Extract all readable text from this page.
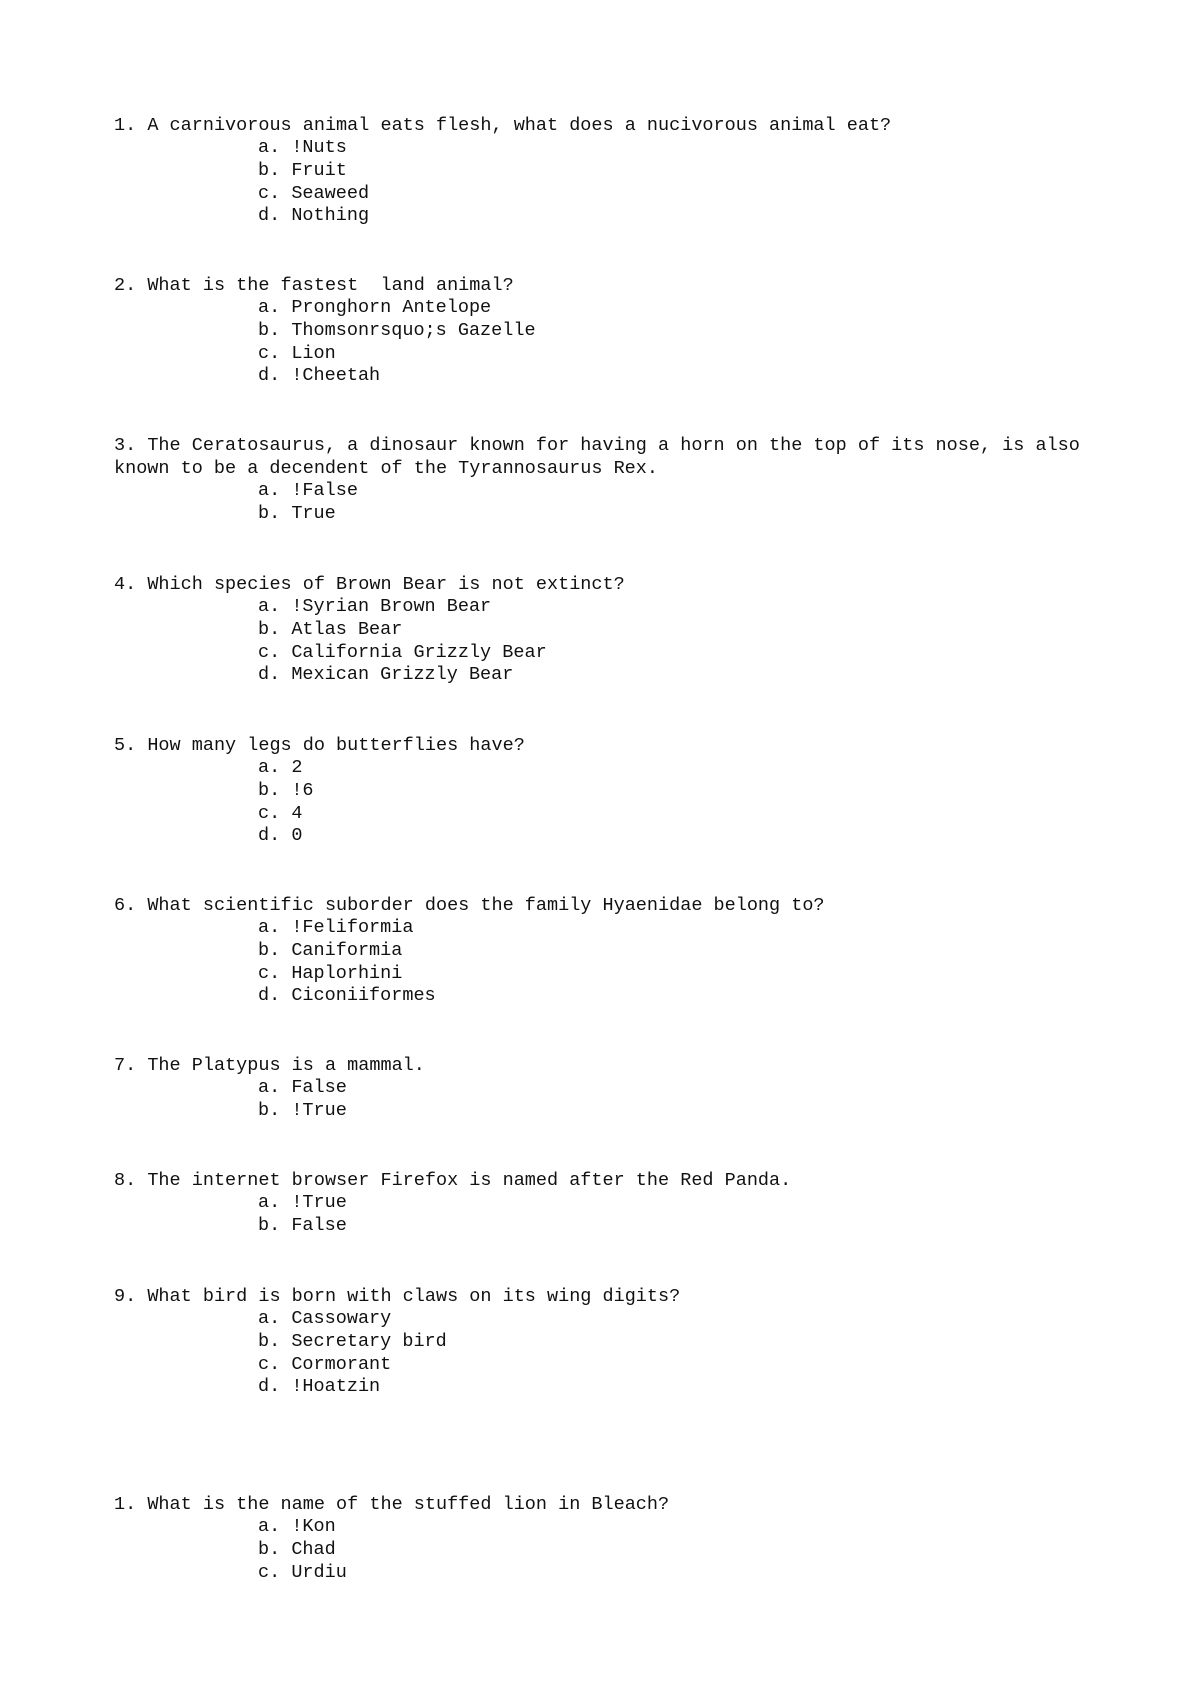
1. A carnivorous animal eats flesh, what does a nucivorous animal eat?
a. !Nuts
b. Fruit
c. Seaweed
d. Nothing
2. What is the fastest  land animal?
a. Pronghorn Antelope
b. Thomsonrsquo;s Gazelle
c. Lion
d. !Cheetah
3. The Ceratosaurus, a dinosaur known for having a horn on the top of its nose, is also known to be a decendent of the Tyrannosaurus Rex.
a. !False
b. True
4. Which species of Brown Bear is not extinct?
a. !Syrian Brown Bear
b. Atlas Bear
c. California Grizzly Bear
d. Mexican Grizzly Bear
5. How many legs do butterflies have?
a. 2
b. !6
c. 4
d. 0
6. What scientific suborder does the family Hyaenidae belong to?
a. !Feliformia
b. Caniformia
c. Haplorhini
d. Ciconiiformes
7. The Platypus is a mammal.
a. False
b. !True
8. The internet browser Firefox is named after the Red Panda.
a. !True
b. False
9. What bird is born with claws on its wing digits?
a. Cassowary
b. Secretary bird
c. Cormorant
d. !Hoatzin
1. What is the name of the stuffed lion in Bleach?
a. !Kon
b. Chad
c. Urdiu
